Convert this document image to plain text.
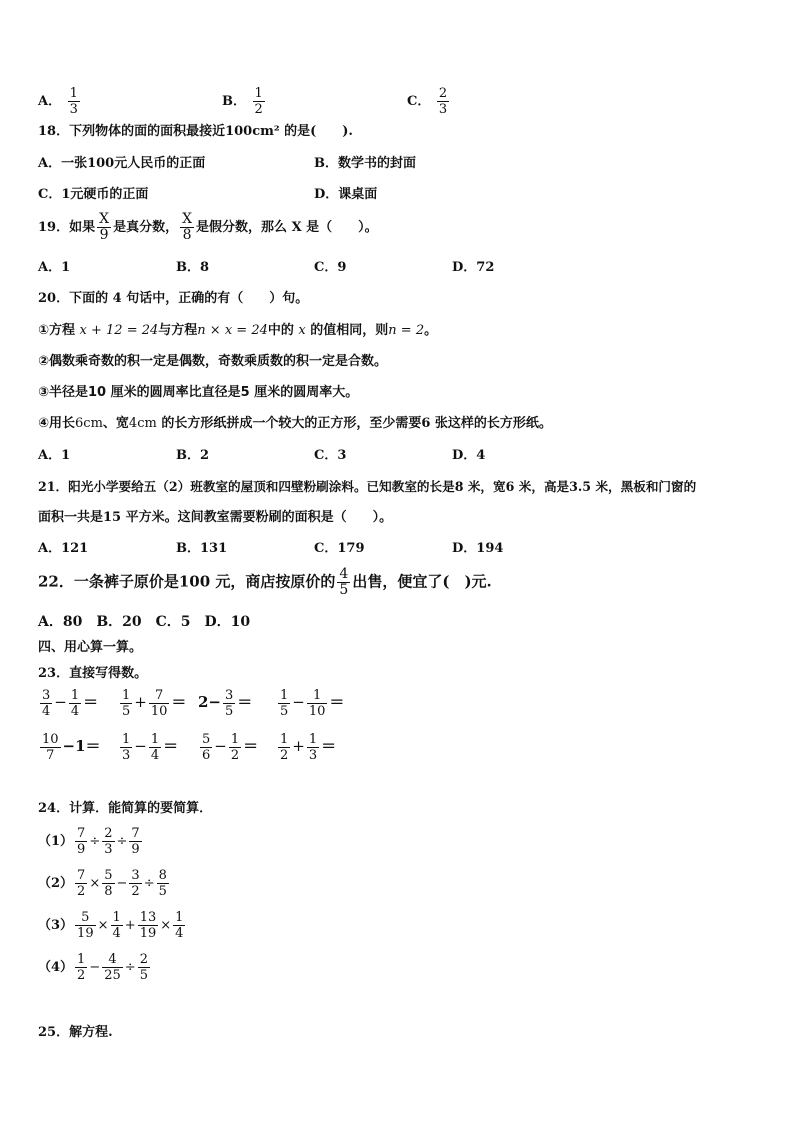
A． $\frac{1}{3}$	B． $\frac{1}{2}$	C． $\frac{2}{3}$
18．下列物体的面的面积最接近100cm² 的是(　　).
A．一张100元人民币的正面	B．数学书的封面
C．1元硬币的正面	D．课桌面
19．如果 $\frac{X}{9}$ 是真分数， $\frac{X}{8}$ 是假分数，那么 X 是（　　）。
A．1	B．8	C．9	D．72
20．下面的 4 句话中，正确的有（　　）句。
①方程 x + 12 = 24与方程n × x = 24中的 x 的值相同，则n = 2。
②偶数乘奇数的积一定是偶数，奇数乘质数的积一定是合数。
③半径是10 厘米的圆周率比直径是5 厘米的圆周率大。
④用长6cm、宽4cm 的长方形纸拼成一个较大的正方形，至少需要6 张这样的长方形纸。
A．1	B．2	C．3	D．4
21．阳光小学要给五（2）班教室的屋顶和四壁粉刷涂料。已知教室的长是8 米，宽6 米，高是3.5 米，黑板和门窗的
面积一共是15 平方米。这间教室需要粉刷的面积是（　　）。
A．121	B．131	C．179	D．194
22．一条裤子原价是100 元，商店按原价的 $\frac{4}{5}$ 出售，便宜了(　)元.
A．80　B．20　C．5　D．10
四、用心算一算。
23．直接写得数。
$\frac{3}{4} - \frac{1}{4} = \frac{1}{5} + \frac{7}{10} = 2- \frac{3}{5} = \frac{1}{5} - \frac{1}{10}$ ＝
$\frac{10}{7} -1= \frac{1}{3} - \frac{1}{4} = \frac{5}{6} - \frac{1}{2} = \frac{1}{2} + \frac{1}{3}$ ＝
24．计算．能简算的要简算．
$(1) \frac{7}{9} \div \frac{2}{3} \div \frac{7}{9}$
$(2) \frac{7}{2} \times \frac{5}{8} - \frac{3}{2} \div \frac{8}{5}$
$(3) \frac{5}{19} \times \frac{1}{4} + \frac{13}{19} \times \frac{1}{4}$
$(4) \frac{1}{2} - \frac{4}{25} \div \frac{2}{5}$
25．解方程.
